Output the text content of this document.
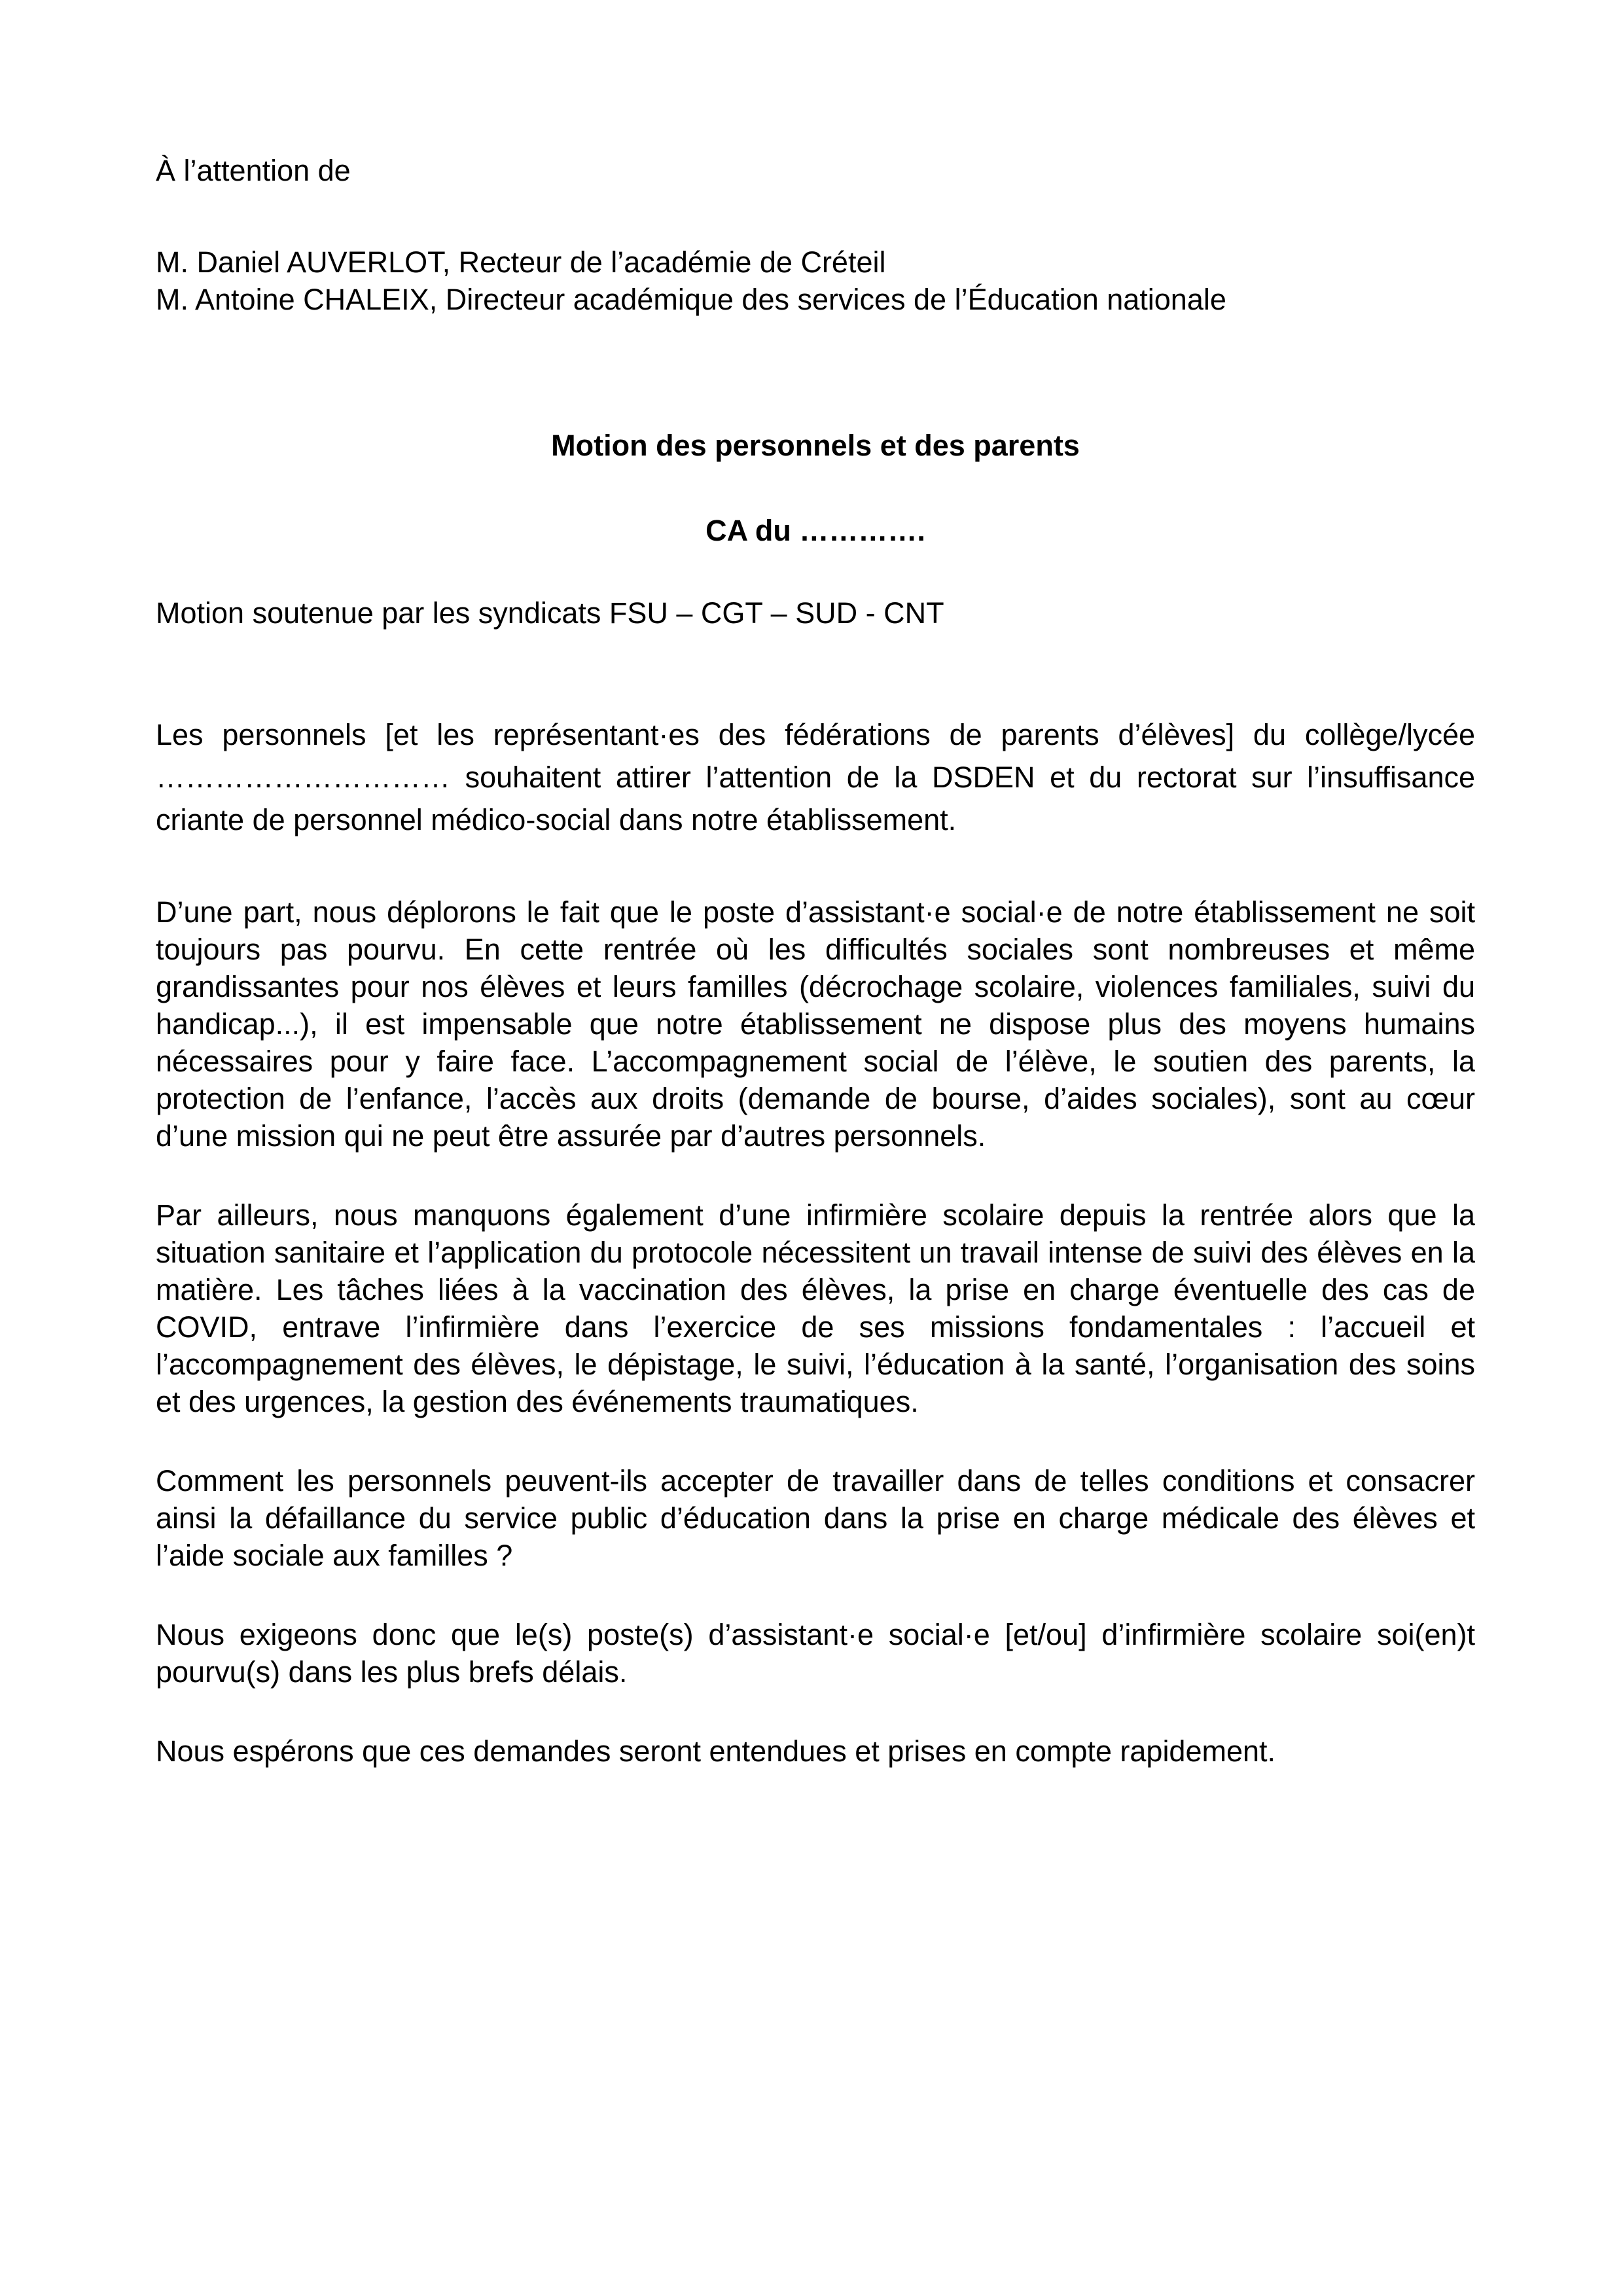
À l’attention de
M. Daniel AUVERLOT, Recteur de l’académie de Créteil
M. Antoine CHALEIX, Directeur académique des services de l’Éducation nationale
Motion des personnels et des parents
CA du ………….
Motion soutenue par les syndicats FSU – CGT – SUD - CNT

Les personnels [et les représentant·es des fédérations de parents d’élèves] du collège/lycée ………………………… souhaitent attirer l’attention de la DSDEN et du rectorat sur l’insuffisance criante de personnel médico-social dans notre établissement.

D’une part, nous déplorons le fait que le poste d’assistant·e social·e de notre établissement ne soit toujours pas pourvu. En cette rentrée où les difficultés sociales sont nombreuses et même grandissantes pour nos élèves et leurs familles (décrochage scolaire, violences familiales, suivi du handicap...), il est impensable que notre établissement ne dispose plus des moyens humains nécessaires pour y faire face. L’accompagnement social de l’élève, le soutien des parents, la protection de l’enfance, l’accès aux droits (demande de bourse, d’aides sociales), sont au cœur d’une mission qui ne peut être assurée par d’autres personnels.

Par ailleurs, nous manquons également d’une infirmière scolaire depuis la rentrée alors que la situation sanitaire et l’application du protocole nécessitent un travail intense de suivi des élèves en la matière. Les tâches liées à la vaccination des élèves, la prise en charge éventuelle des cas de COVID, entrave l’infirmière dans l’exercice de ses missions fondamentales : l’accueil et l’accompagnement des élèves, le dépistage, le suivi, l’éducation à la santé, l’organisation des soins et des urgences, la gestion des événements traumatiques.

Comment les personnels peuvent-ils accepter de travailler dans de telles conditions et consacrer ainsi la défaillance du service public d’éducation dans la prise en charge médicale des élèves et l’aide sociale aux familles ?

Nous exigeons donc que le(s) poste(s) d’assistant·e social·e [et/ou] d’infirmière scolaire soi(en)t pourvu(s) dans les plus brefs délais.

Nous espérons que ces demandes seront entendues et prises en compte rapidement.
